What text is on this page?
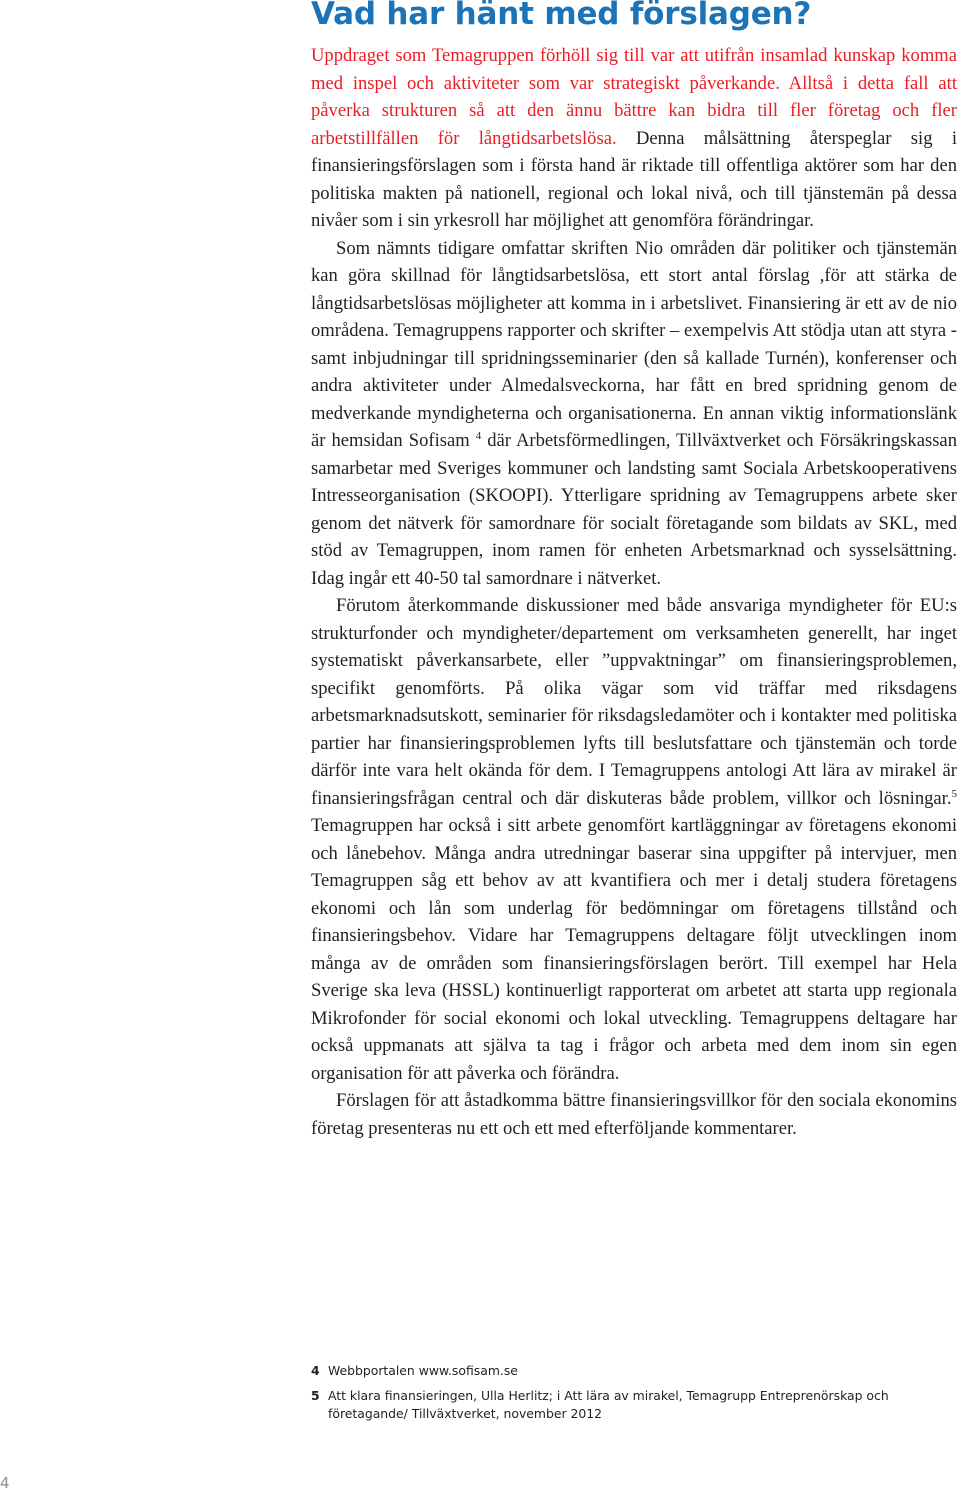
Vad har hänt med förslagen?

Uppdraget som Temagruppen förhöll sig till var att utifrån insamlad kunskap komma med inspel och aktiviteter som var strategiskt påverkande. Alltså i detta fall att påverka strukturen så att den ännu bättre kan bidra till fler företag och fler arbetstillfällen för långtidsarbetslösa. Denna målsättning återspeglar sig i finansieringsförslagen som i första hand är riktade till offentliga aktörer som har den politiska makten på nationell, regional och lokal nivå, och till tjänstemän på dessa nivåer som i sin yrkesroll har möjlighet att genomföra förändringar.

Som nämnts tidigare omfattar skriften Nio områden där politiker och tjänstemän kan göra skillnad för långtidsarbetslösa, ett stort antal förslag ,för att stärka de långtidsarbetslösas möjligheter att komma in i arbetslivet. Finansiering är ett av de nio områdena. Temagruppens rapporter och skrifter – exempelvis Att stödja utan att styra - samt inbjudningar till spridningsseminarier (den så kallade Turnén), konferenser och andra aktiviteter under Almedalsveckorna, har fått en bred spridning genom de medverkande myndigheterna och organisationerna. En annan viktig informationslänk är hemsidan Sofisam $^4$ där Arbetsförmedlingen, Tillväxtverket och Försäkringskassan samarbetar med Sveriges kommuner och landsting samt Sociala Arbetskooperativens Intresseorganisation (SKOOPI). Ytterligare spridning av Temagruppens arbete sker genom det nätverk för samordnare för socialt företagande som bildats av SKL, med stöd av Temagruppen, inom ramen för enheten Arbetsmarknad och sysselsättning. Idag ingår ett 40-50 tal samordnare i nätverket.

Förutom återkommande diskussioner med både ansvariga myndigheter för EU:s strukturfonder och myndigheter/departement om verksamheten generellt, har inget systematiskt påverkansarbete, eller ”uppvaktningar” om finansieringsproblemen, specifikt genomförts. På olika vägar som vid träffar med riksdagens arbetsmarknadsutskott, seminarier för riksdagsledamöter och i kontakter med politiska partier har finansieringsproblemen lyfts till beslutsfattare och tjänstemän och torde därför inte vara helt okända för dem. I Temagruppens antologi Att lära av mirakel är finansieringsfrågan central och där diskuteras både problem, villkor och lösningar.$^5$ Temagruppen har också i sitt arbete genomfört kartläggningar av företagens ekonomi och lånebehov. Många andra utredningar baserar sina uppgifter på intervjuer, men Temagruppen såg ett behov av att kvantifiera och mer i detalj studera företagens ekonomi och lån som underlag för bedömningar om företagens tillstånd och finansieringsbehov. Vidare har Temagruppens deltagare följt utvecklingen inom många av de områden som finansieringsförslagen berört. Till exempel har Hela Sverige ska leva (HSSL) kontinuerligt rapporterat om arbetet att starta upp regionala Mikrofonder för social ekonomi och lokal utveckling. Temagruppens deltagare har också uppmanats att själva ta tag i frågor och arbeta med dem inom sin egen organisation för att påverka och förändra.

Förslagen för att åstadkomma bättre finansieringsvillkor för den sociala ekonomins företag presenteras nu ett och ett med efterföljande kommentarer.

4 Webbportalen www.sofisam.se
5 Att klara finansieringen, Ulla Herlitz; i Att lära av mirakel, Temagrupp Entreprenörskap och företagande/ Tillväxtverket, november 2012
4
